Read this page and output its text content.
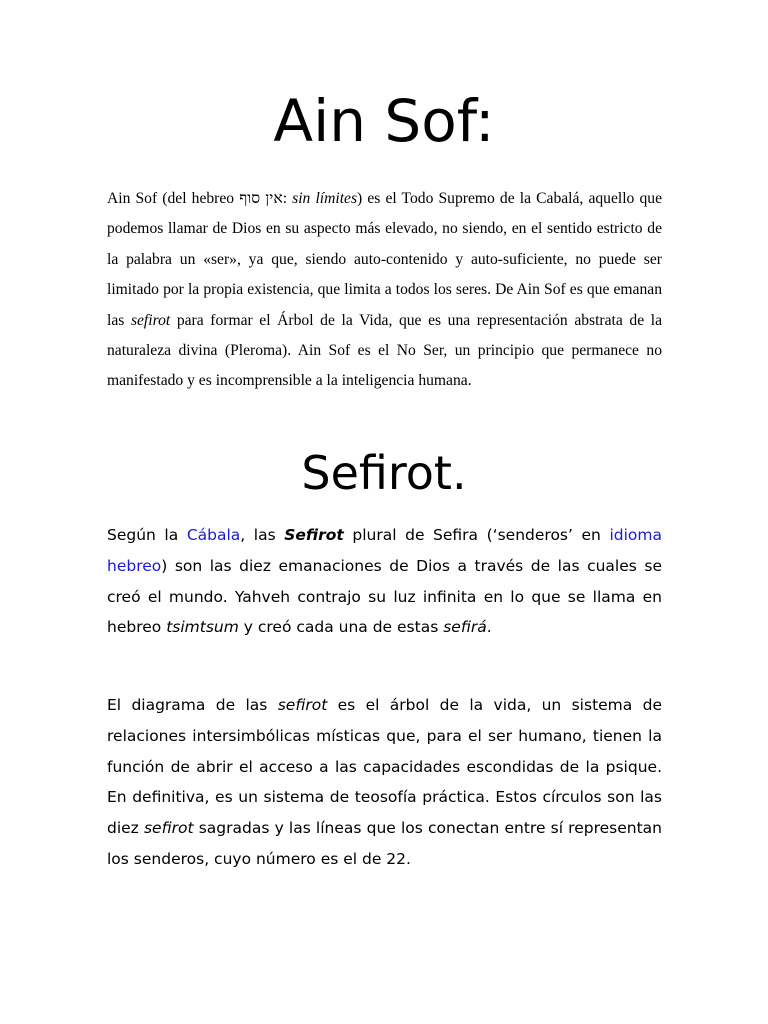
Ain Sof:

Ain Sof (del hebreo אין סוף: sin límites) es el Todo Supremo de la Cabalá, aquello que podemos llamar de Dios en su aspecto más elevado, no siendo, en el sentido estricto de la palabra un «ser», ya que, siendo auto-contenido y auto-suficiente, no puede ser limitado por la propia existencia, que limita a todos los seres. De Ain Sof es que emanan las sefirot para formar el Árbol de la Vida, que es una representación abstrata de la naturaleza divina (Pleroma). Ain Sof es el No Ser, un principio que permanece no manifestado y es incomprensible a la inteligencia humana.

Sefirot.

Según la Cábala, las Sefirot plural de Sefira (‘senderos’ en idioma hebreo) son las diez emanaciones de Dios a través de las cuales se creó el mundo. Yahveh contrajo su luz infinita en lo que se llama en hebreo tsimtsum y creó cada una de estas sefirá.

El diagrama de las sefirot es el árbol de la vida, un sistema de relaciones intersimbólicas místicas que, para el ser humano, tienen la función de abrir el acceso a las capacidades escondidas de la psique. En definitiva, es un sistema de teosofía práctica. Estos círculos son las diez sefirot sagradas y las líneas que los conectan entre sí representan los senderos, cuyo número es el de 22.
